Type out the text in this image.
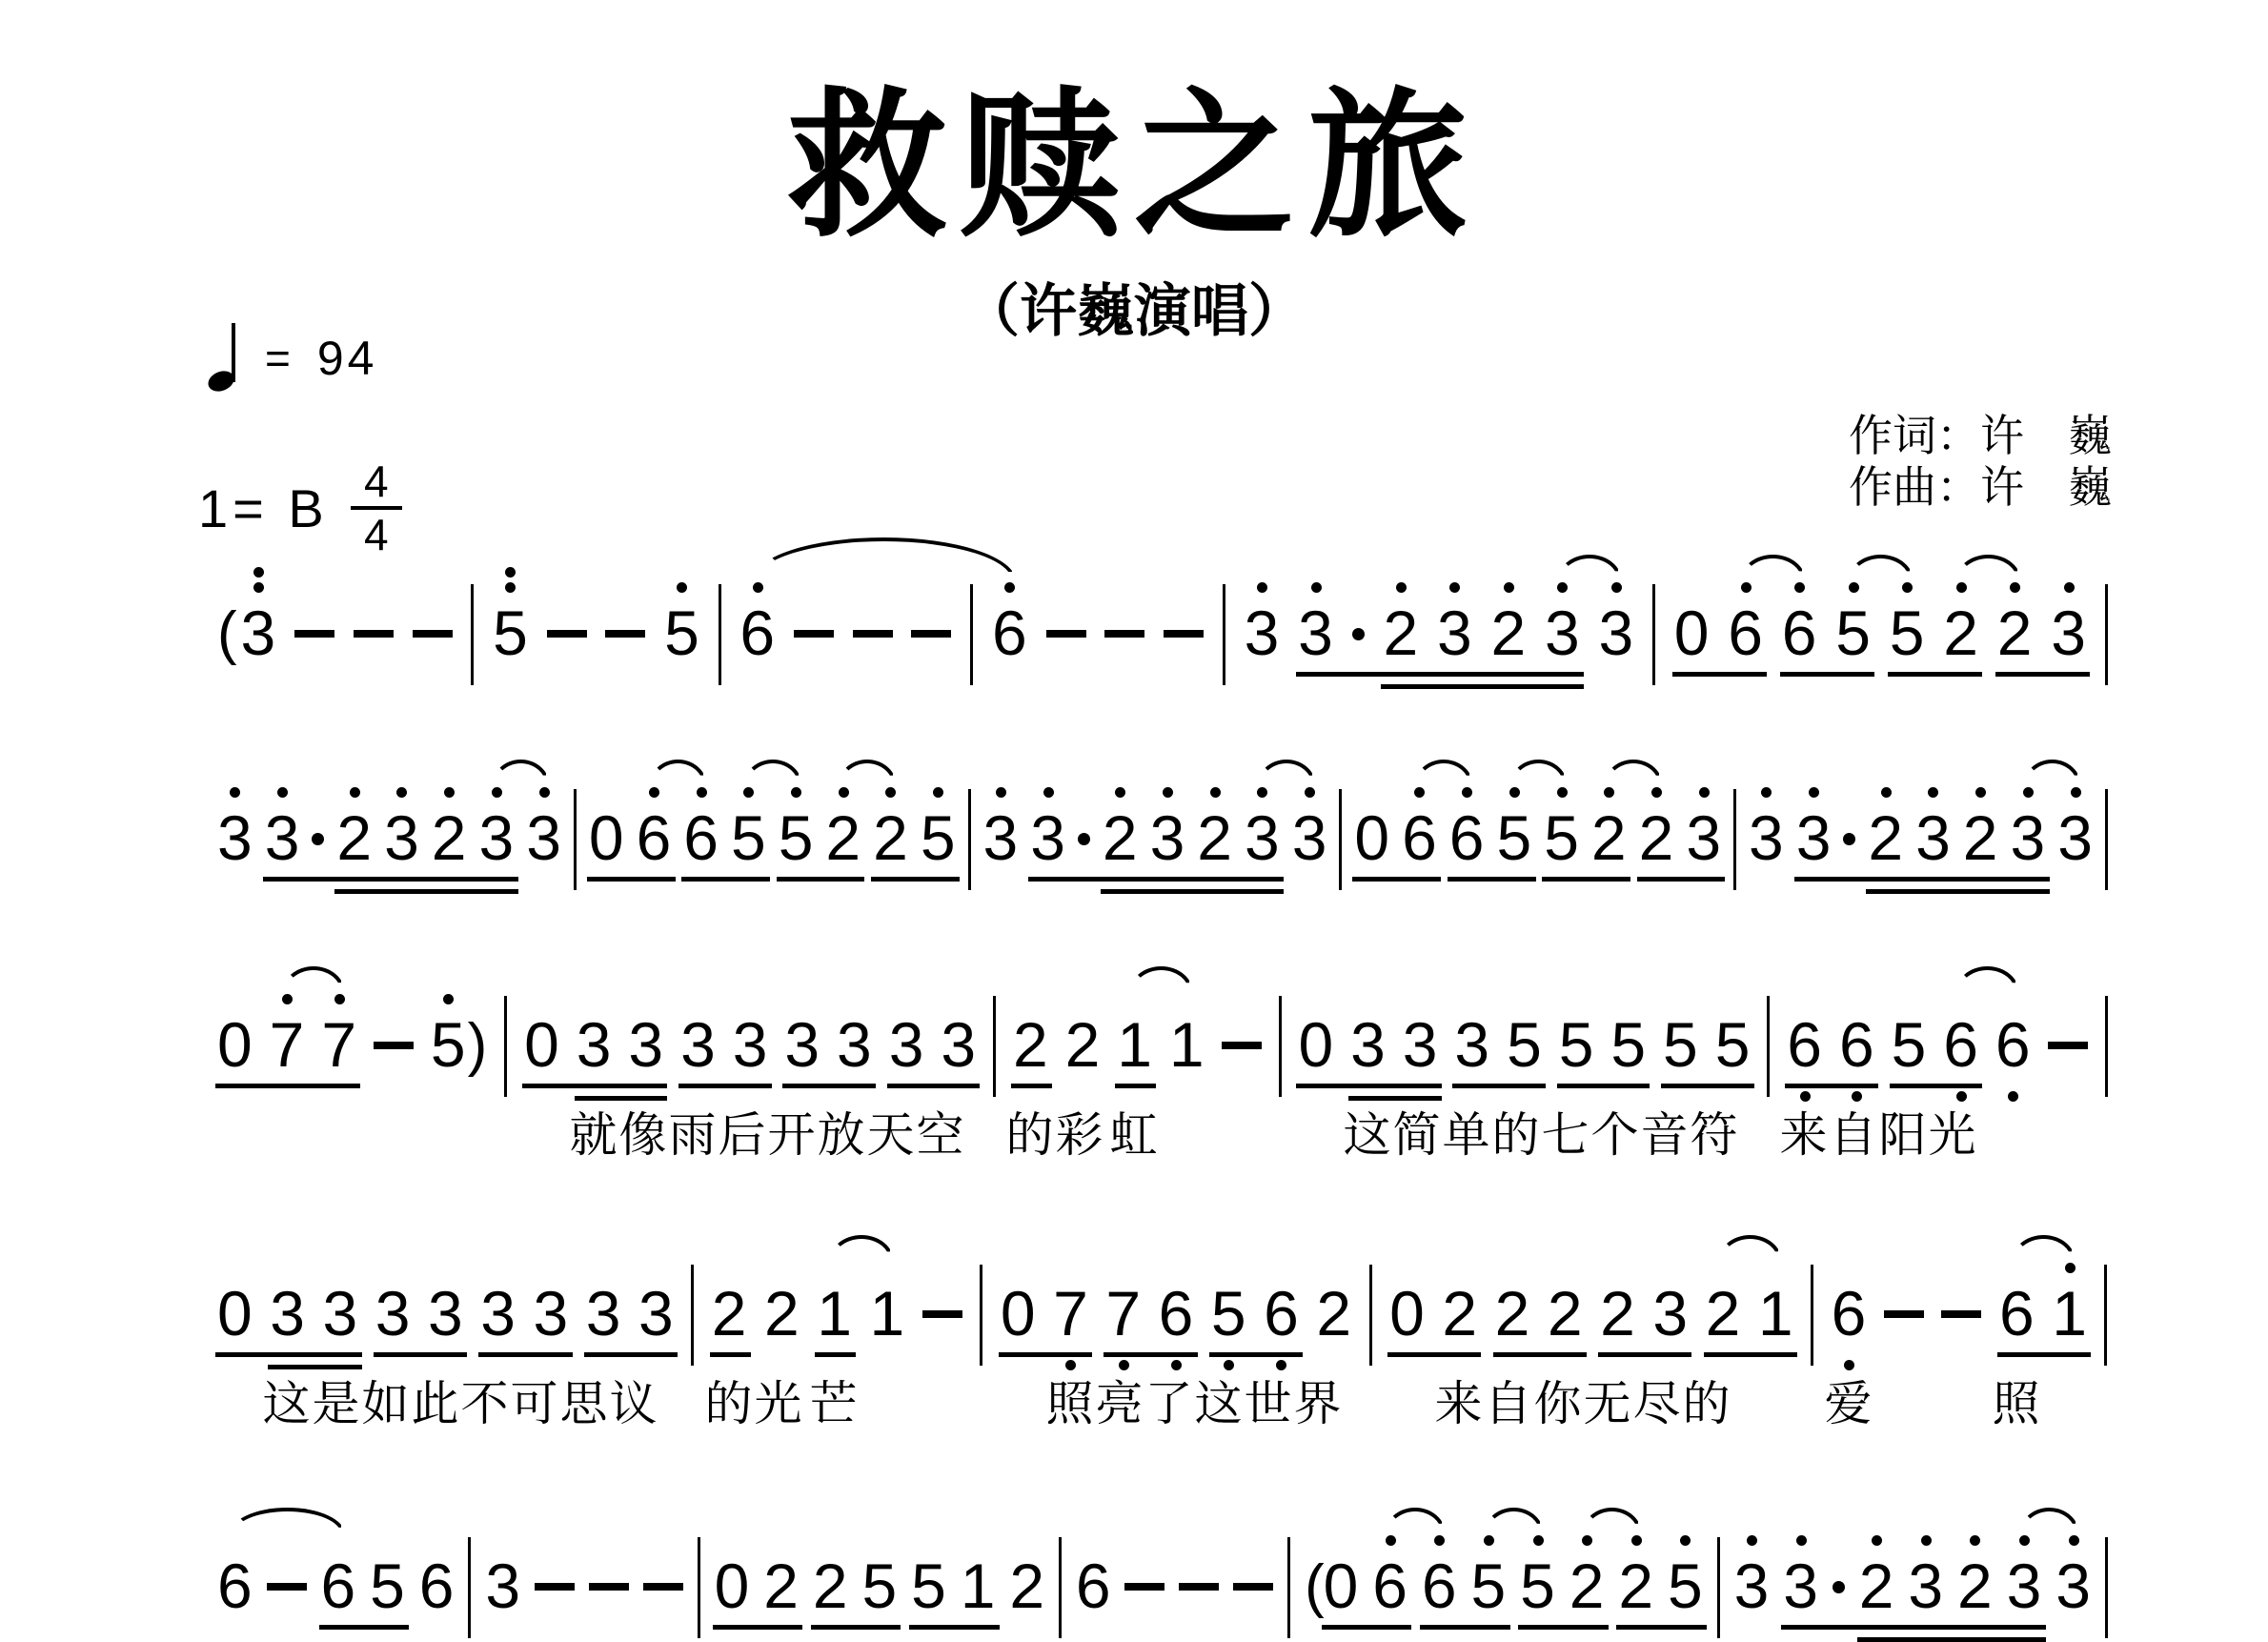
救赎之旅
（许巍演唱）
= 94
1= B 4
4
作词：许　巍
作曲：许　巍
( 3	5 5 6	6	3 3 2 3 2 3 3 0 6 6 5 5 2 2 3
3 3 2 3 2 3 3 0 6 6 5 5 2 2 5 3 3 2 3 2 3 3 0 6 6 5 5 2 2 3 3 3 2 3 2 3 3
0 7 7 5 ) 0 3 3 3 3 3 3 3 3 2 2 1 1 0 3 3 3 5 5 5 5 5 6 6 5 6 6
就像雨后开放天空 的彩 虹	这简单的七个音符 来自阳光
0 3 3 3 3 3 3 3 3 2 2 1 1 0 7 7 6 5 6 2 0 2 2 2 2 3 2 1 6 6 1
这是如此不可思议 的光 芒	照亮了这世界 来自你无尽的 爱 照
6 6 5 6 3	0 2 2 5 5 1 2 6	(
0 6 6 5 5 2 2 5 3 3 2 3 2 3 3
